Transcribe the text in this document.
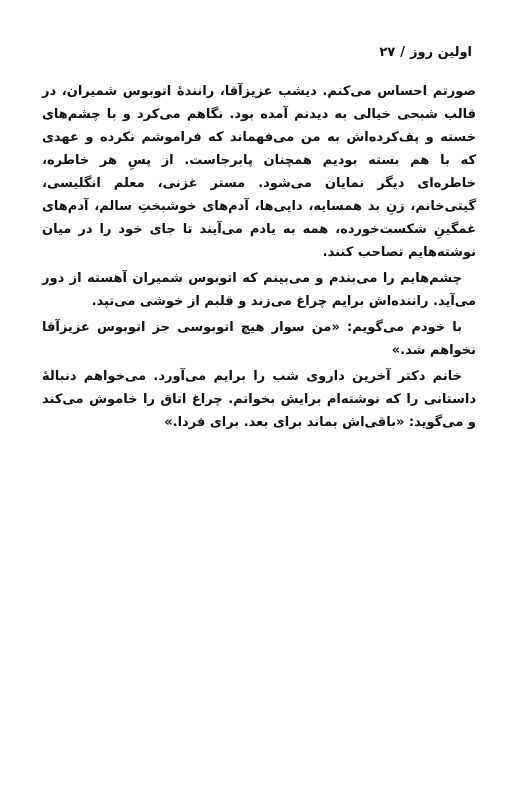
اولین روز/۲۷

صورتم احساس می‌کنم. دیشب عزیزآقا، رانندهٔ اتوبوس شمیران، در قالب شبحی خیالی به دیدنم آمده بود. نگاهم می‌کرد و با چشم‌های خسته و پف‌کرده‌اش به من می‌فهماند که فراموشم نکرده و عهدی که با هم بسته بودیم همچنان پابرجاست. از پسِ هر خاطره، خاطره‌ای دیگر نمایان می‌شود. مستر غزنی، معلم انگلیسی، گیتی‌خانم، زنِ بد همسایه، دایی‌ها، آدم‌های خوشبختِ سالم، آدم‌های غمگینِ شکست‌خورده، همه به یادم می‌آیند تا جای خود را در میان نوشته‌هایم تصاحب کنند.

چشم‌هایم را می‌بندم و می‌بینم که اتوبوس شمیران آهسته از دور می‌آید. راننده‌اش برایم چراغ می‌زند و قلبم از خوشی می‌تپد.

با خودم می‌گویم: «من سوار هیچ اتوبوسی جز اتوبوس عزیزآقا نخواهم شد.»

خانم دکتر آخرین داروی شب را برایم می‌آورد. می‌خواهم دنبالهٔ داستانی را که نوشته‌ام برایش بخوانم. چراغ اتاق را خاموش می‌کند و می‌گوید: «باقی‌اش بماند برای بعد. برای فردا.»
